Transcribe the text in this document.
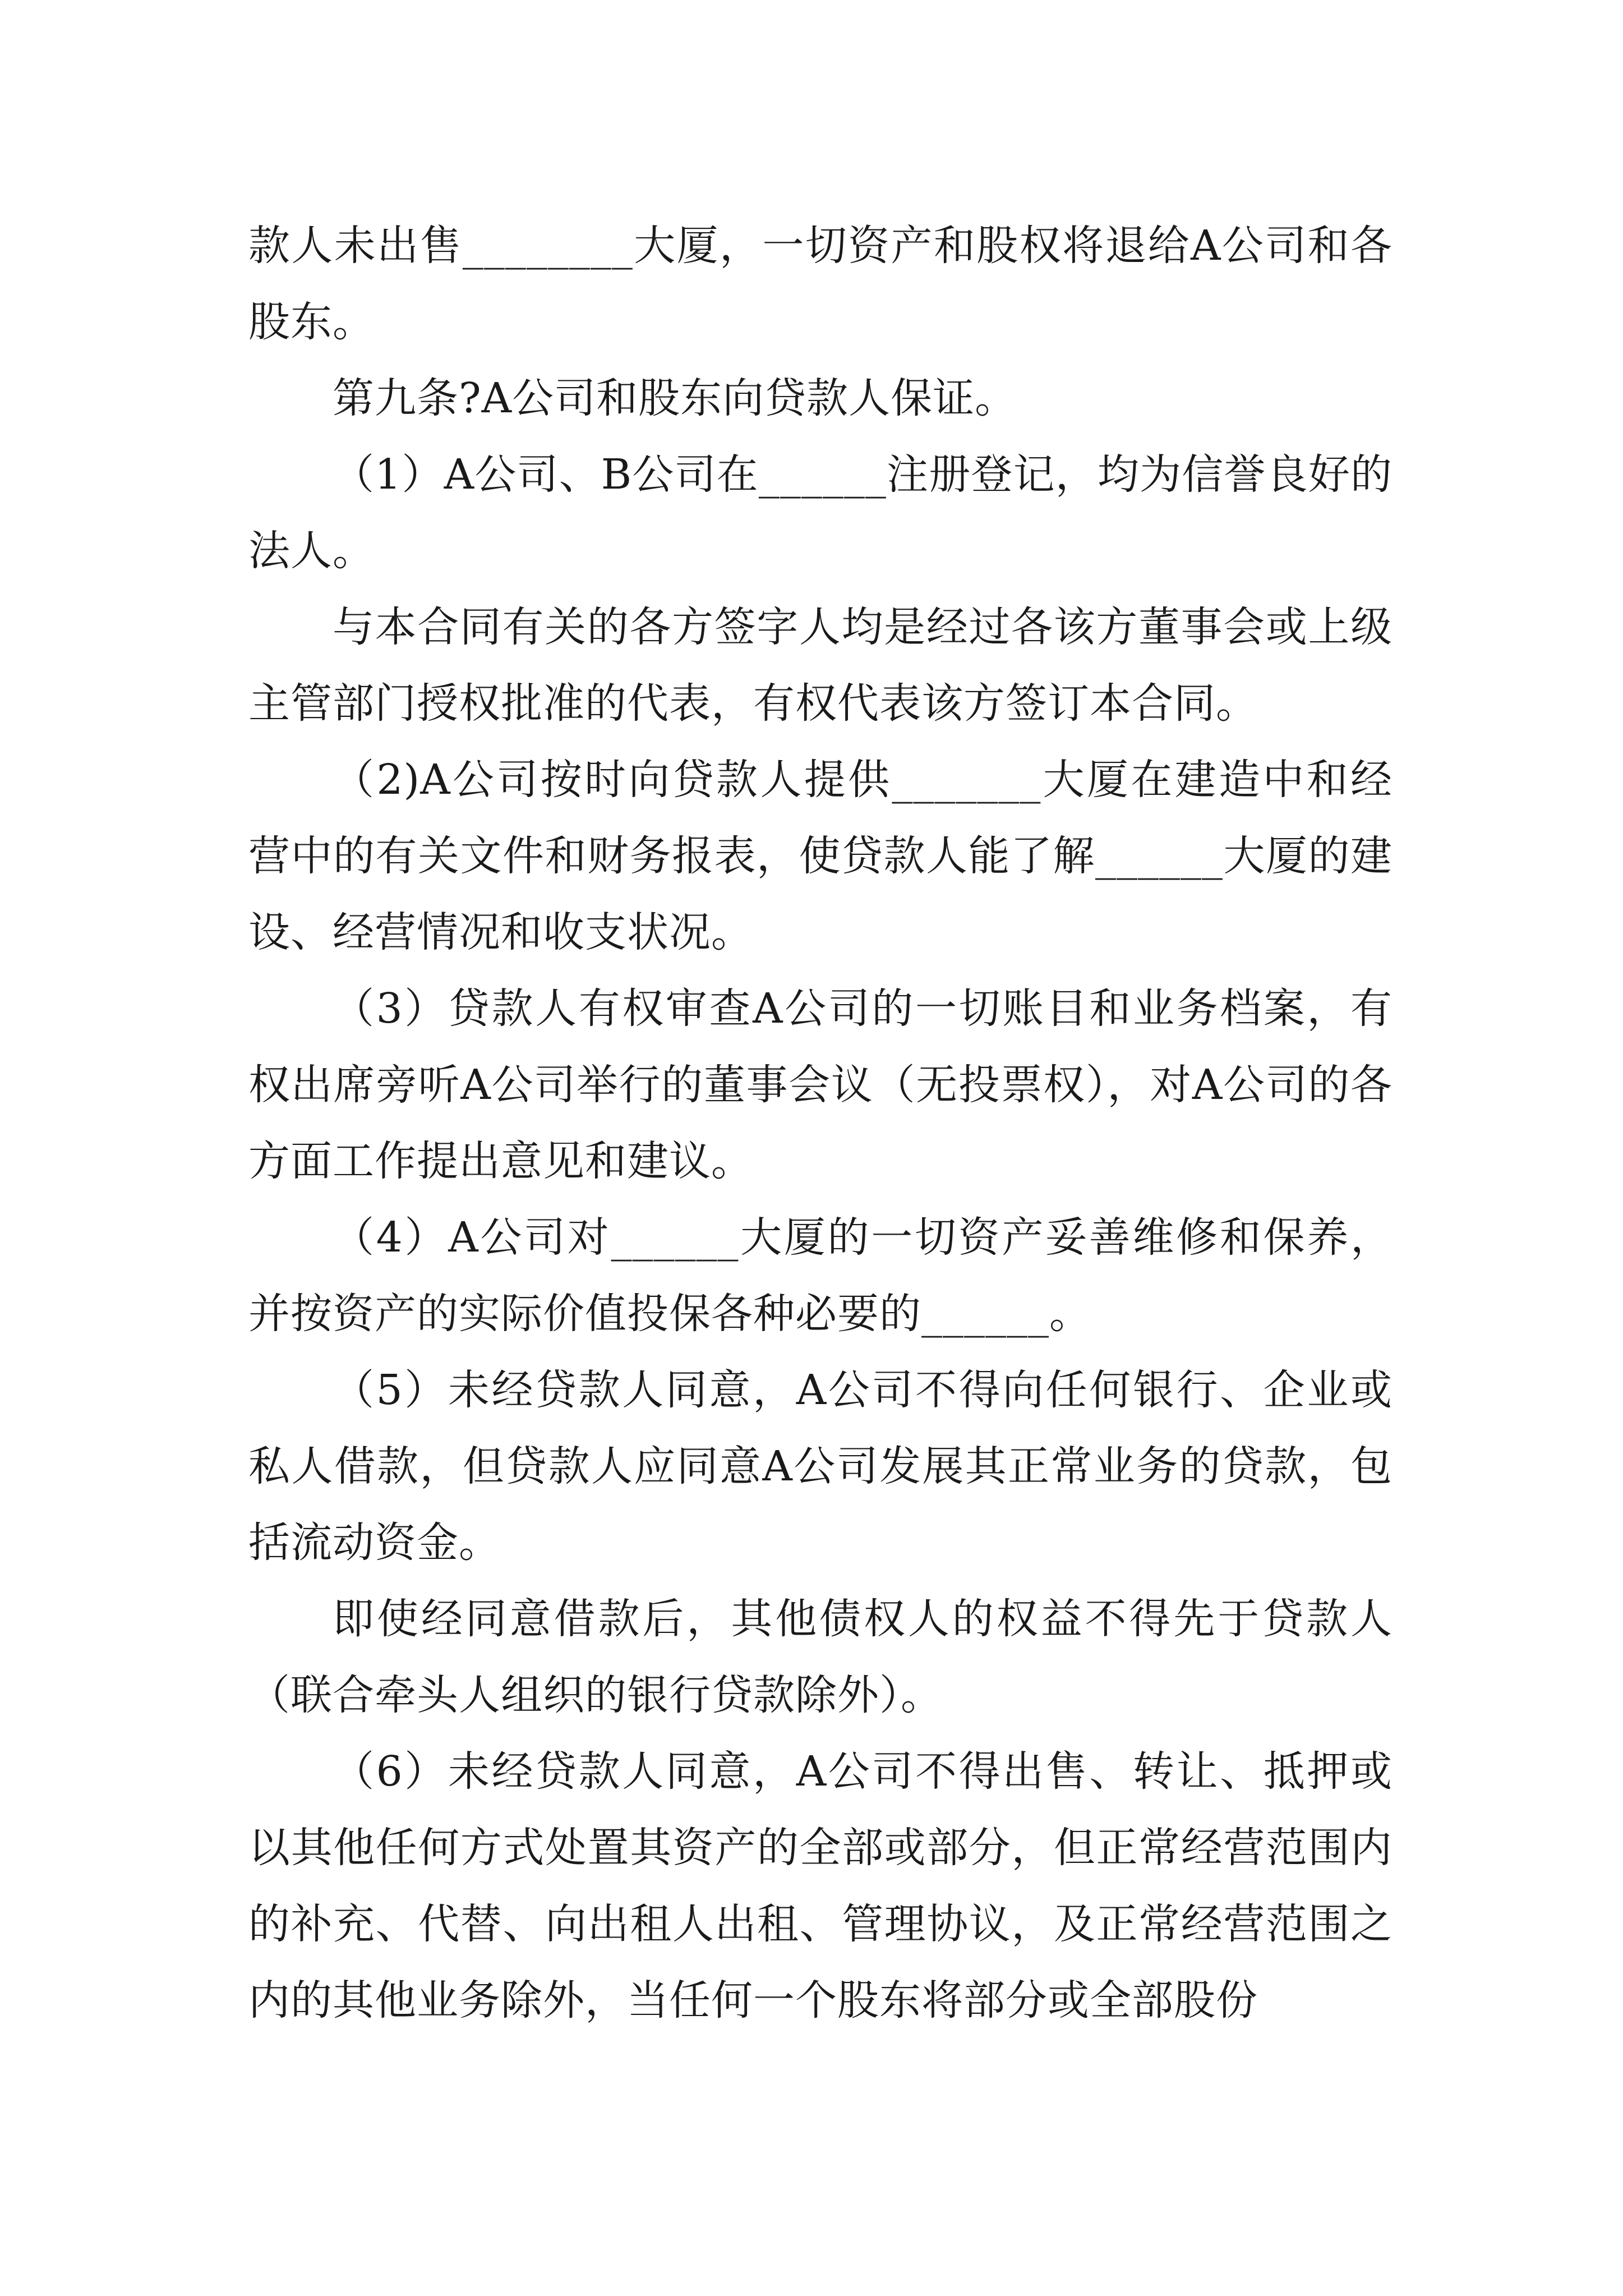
款人未出售________大厦，一切资产和股权将退给A公司和各股东。

第九条?A公司和股东向贷款人保证。

（1）A公司、B公司在______注册登记，均为信誉良好的法人。

与本合同有关的各方签字人均是经过各该方董事会或上级主管部门授权批准的代表，有权代表该方签订本合同。

（2)A公司按时向贷款人提供_______大厦在建造中和经营中的有关文件和财务报表，使贷款人能了解______大厦的建设、经营情况和收支状况。

（3）贷款人有权审查A公司的一切账目和业务档案，有权出席旁听A公司举行的董事会议（无投票权），对A公司的各方面工作提出意见和建议。

（4）A公司对______大厦的一切资产妥善维修和保养，并按资产的实际价值投保各种必要的______。

（5）未经贷款人同意，A公司不得向任何银行、企业或私人借款，但贷款人应同意A公司发展其正常业务的贷款，包括流动资金。

即使经同意借款后，其他债权人的权益不得先于贷款人（联合牵头人组织的银行贷款除外）。

（6）未经贷款人同意，A公司不得出售、转让、抵押或以其他任何方式处置其资产的全部或部分，但正常经营范围内的补充、代替、向出租人出租、管理协议，及正常经营范围之内的其他业务除外，当任何一个股东将部分或全部股份
